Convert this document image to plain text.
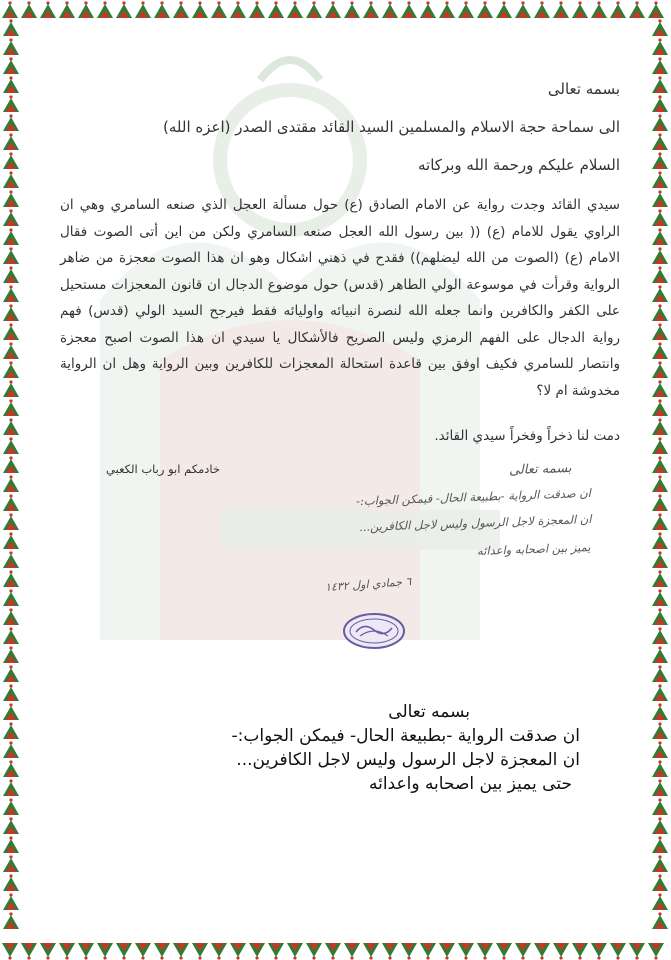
بسمه تعالى
الى سماحة حجة الاسلام والمسلمين السيد القائد مقتدى الصدر (اعزه الله)
السلام عليكم ورحمة الله وبركاته
سيدي القائد وجدت رواية عن الامام الصادق (ع) حول مسألة العجل الذي صنعه السامري وهي ان الراوي يقول للامام (ع) (( بين رسول الله العجل صنعه السامري ولكن من اين أتى الصوت فقال الامام (ع) (الصوت من الله ليضلهم)) فقدح في ذهني اشكال وهو ان هذا الصوت معجزة من ضاهر الرواية وقرأت في موسوعة الولي الطاهر (قدس) حول موضوع الدجال ان قانون المعجزات مستحيل على الكفر والكافرين وانما جعله الله لنصرة انبيائه واوليائه فقط فيرجح السيد الولي (قدس) فهم رواية الدجال على الفهم الرمزي وليس الصريح فالأشكال يا سيدي ان هذا الصوت اصبح معجزة وانتصار للسامري فكيف اوفق بين قاعدة استحالة المعجزات للكافرين وبين الرواية وهل ان الرواية مخدوشة ام لا؟
دمت لنا ذخراً وفخراً سيدي القائد.
خادمكم ابو رباب الكعبي	بسمه تعالى
ان صدقت الرواية -بطبيعة الحال- فيمكن الجواب:-
ان المعجزة لاجل الرسول وليس لاجل الكافرين...
يميز بين اصحابه واعدائه
٦ جمادي اول ١٤٣٢
بسمه تعالى
ان صدقت الرواية -بطبيعة الحال- فيمكن الجواب:-
ان المعجزة لاجل الرسول وليس لاجل الكافرين...
حتى يميز بين اصحابه واعدائه
